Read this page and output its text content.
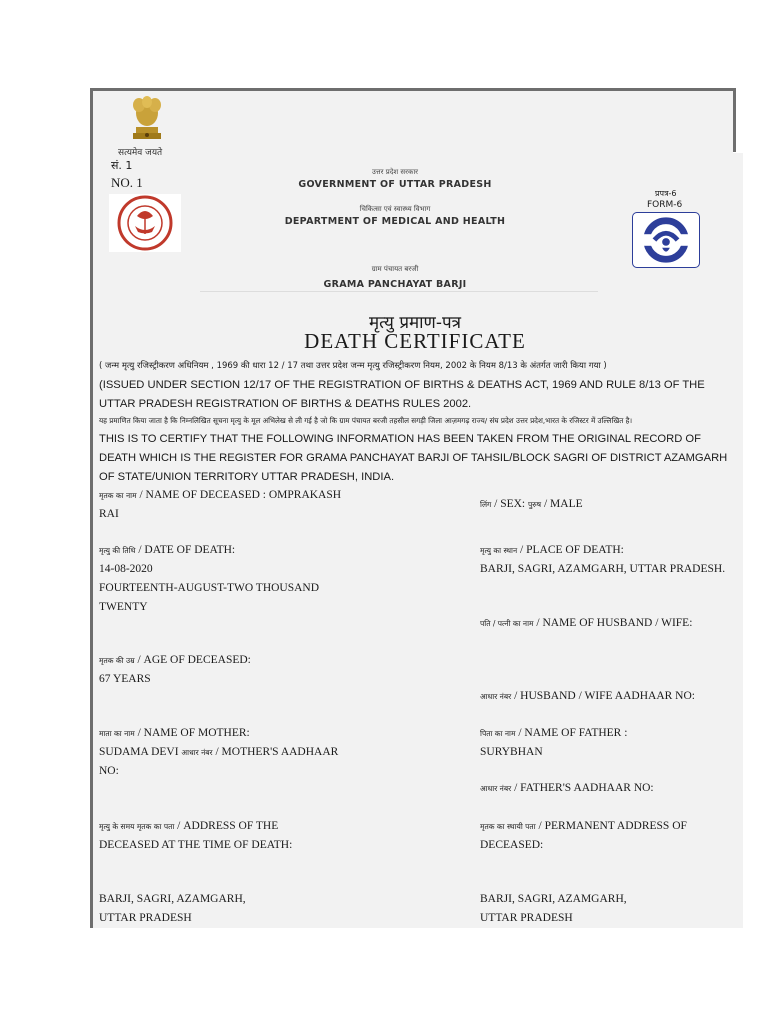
सत्यमेव जयते
सं. 1
NO. 1
उत्तर प्रदेश सरकार
GOVERNMENT OF UTTAR PRADESH
चिकित्सा एवं स्वास्थ्य विभाग
DEPARTMENT OF MEDICAL AND HEALTH
ग्राम पंचायत बरजी
GRAMA PANCHAYAT BARJI
प्रपत्र-6
FORM-6
मृत्यु प्रमाण-पत्र
DEATH CERTIFICATE
( जन्म मृत्यु रजिस्ट्रीकरण अधिनियम , 1969 की धारा 12 / 17 तथा उत्तर प्रदेश जन्म मृत्यु रजिस्ट्रीकरण नियम, 2002 के नियम 8/13 के अंतर्गत जारी किया गया )
(ISSUED UNDER SECTION 12/17 OF THE REGISTRATION OF BIRTHS & DEATHS ACT, 1969 AND RULE 8/13 OF THE UTTAR PRADESH REGISTRATION OF BIRTHS & DEATHS RULES 2002.
यह प्रमाणित किया जाता है कि निम्नलिखित सूचना मृत्यु के मूल अभिलेख से ली गई है जो कि ग्राम पंचायत बरजी तहसील सगड़ी जिला आज़मगढ़ राज्य/ संघ प्रदेश उत्तर प्रदेश,भारत के रजिस्टर में उल्लिखित है।
THIS IS TO CERTIFY THAT THE FOLLOWING INFORMATION HAS BEEN TAKEN FROM THE ORIGINAL RECORD OF DEATH WHICH IS THE REGISTER FOR GRAMA PANCHAYAT BARJI OF TAHSIL/BLOCK SAGRI OF DISTRICT AZAMGARH OF STATE/UNION TERRITORY UTTAR PRADESH, INDIA.
मृतक का नाम / NAME OF DECEASED : OMPRAKASH
RAI
मृत्यु की तिथि / DATE OF DEATH:
14-08-2020
FOURTEENTH-AUGUST-TWO THOUSAND TWENTY
मृतक की उम्र / AGE OF DECEASED:
67 YEARS
माता का नाम / NAME OF MOTHER:
SUDAMA DEVI आधार नंबर / MOTHER'S AADHAAR NO:
मृत्यु के समय मृतक का पता / ADDRESS OF THE DECEASED AT THE TIME OF DEATH:
BARJI, SAGRI, AZAMGARH, UTTAR PRADESH
लिंग / SEX: पुरुष / MALE
मृत्यु का स्थान / PLACE OF DEATH:
BARJI, SAGRI, AZAMGARH, UTTAR PRADESH.
पति / पत्नी का नाम / NAME OF HUSBAND / WIFE:
आधार नंबर / HUSBAND / WIFE AADHAAR NO:
पिता का नाम / NAME OF FATHER :
SURYBHAN
आधार नंबर / FATHER'S AADHAAR NO:
मृतक का स्थायी पता / PERMANENT ADDRESS OF DECEASED:
BARJI, SAGRI, AZAMGARH, UTTAR PRADESH
